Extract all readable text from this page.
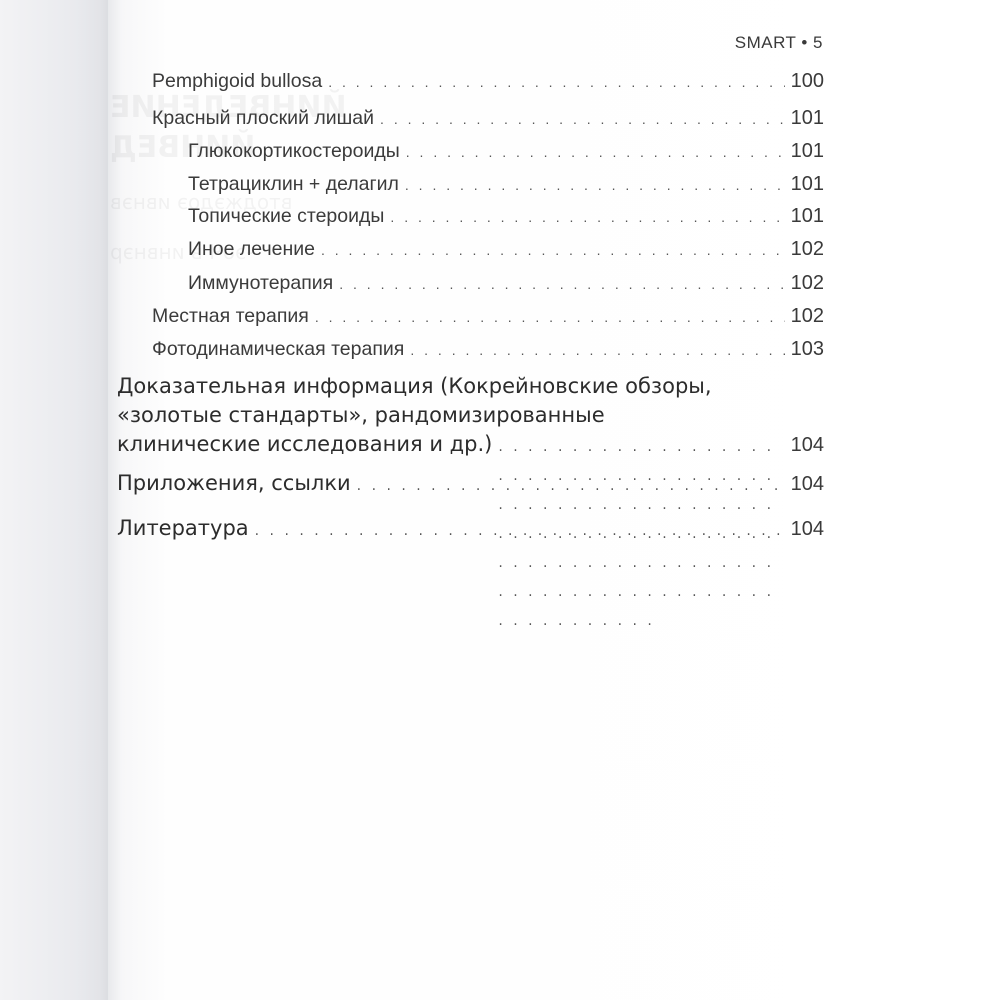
SMART • 5
Pemphigoid bullosa . . .	100
Красный плоский лишай . . .	101
Глюкокортикостероиды . . .	101
Тетрациклин + делагил . . .	101
Топические стероиды . . .	101
Иное лечение . . .	102
Иммунотерапия . . .	102
Местная терапия . . .	102
Фотодинамическая терапия . . .	103
Доказательная информация (Кокрейновские обзоры,
«золотые стандарты», рандомизированные
клинические исследования и др.) . . .	104
Приложения, ссылки . . .	104
Литература . . .	104
